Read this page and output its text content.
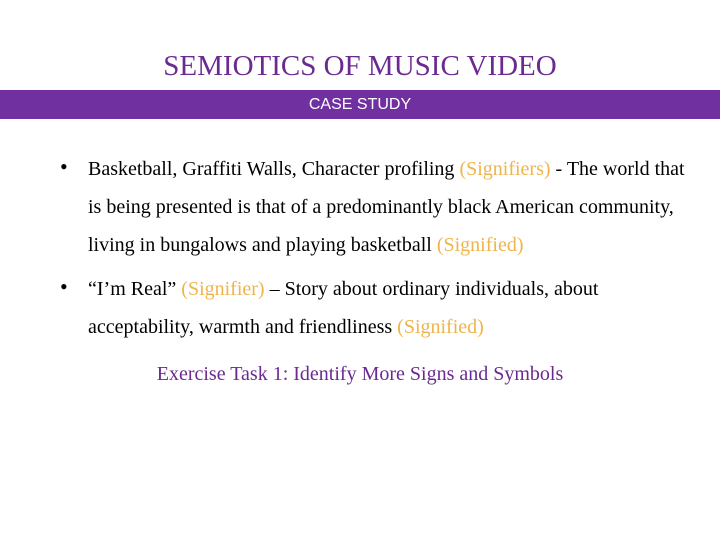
SEMIOTICS OF MUSIC VIDEO
CASE STUDY
• Basketball, Graffiti Walls, Character profiling (Signifiers) - The world that is being presented is that of a predominantly black American community, living in bungalows and playing basketball (Signified)
• “I’m Real” (Signifier) – Story about ordinary individuals, about acceptability, warmth and friendliness (Signified)
Exercise Task 1: Identify More Signs and Symbols
